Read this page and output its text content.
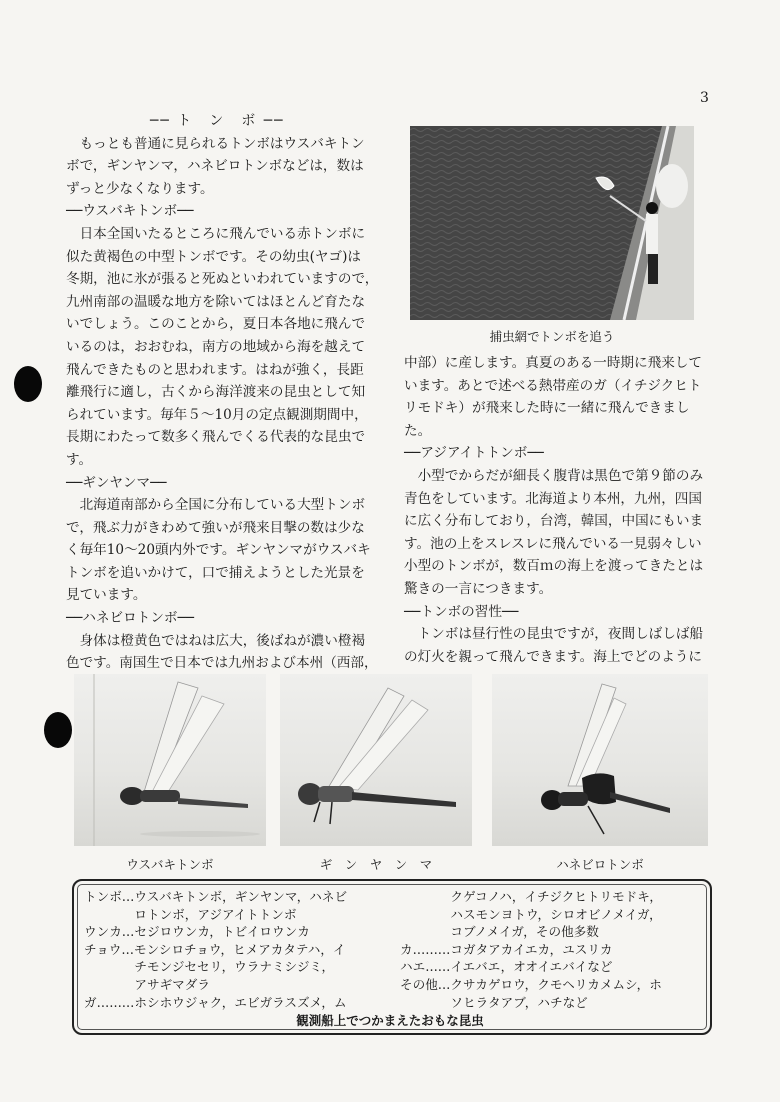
3

── ト　ン　ボ ──

もっとも普通に見られるトンボはウスバキトン

ボで，ギンヤンマ，ハネビロトンボなどは，数は

ずっと少なくなります。

──ウスバキトンボ──

日本全国いたるところに飛んでいる赤トンボに

似た黄褐色の中型トンボです。その幼虫(ヤゴ)は

冬期，池に氷が張ると死ぬといわれていますので，

九州南部の温暖な地方を除いてはほとんど育たな

いでしょう。このことから，夏日本各地に飛んで

いるのは，おおむね，南方の地域から海を越えて

飛んできたものと思われます。はねが強く，長距

離飛行に適し，古くから海洋渡来の昆虫として知

られています。毎年５～10月の定点観測期間中，

長期にわたって数多く飛んでくる代表的な昆虫で

す。

──ギンヤンマ──

北海道南部から全国に分布している大型トンボ

で，飛ぶ力がきわめて強いが飛来目撃の数は少な

く毎年10～20頭内外です。ギンヤンマがウスバキ

トンボを追いかけて，口で捕えようとした光景を

見ています。

──ハネビロトンボ──

身体は橙黄色ではねは広大，後ばねが濃い橙褐

色です。南国生で日本では九州および本州（西部，

捕虫網でトンボを追う

中部）に産します。真夏のある一時期に飛来して

います。あとで述べる熱帯産のガ（イチジクヒト

リモドキ）が飛来した時に一緒に飛んできまし

た。

──アジアイトトンボ──

小型でからだが細長く腹背は黒色で第９節のみ

青色をしています。北海道より本州，九州，四国

に広く分布しており，台湾，韓国，中国にもいま

す。池の上をスレスレに飛んでいる一見弱々しい

小型のトンボが，数百ｍの海上を渡ってきたとは

驚きの一言につきます。

──トンボの習性──

トンボは昼行性の昆虫ですが，夜間しばしば船

の灯火を親って飛んできます。海上でどのように

ウスバキトンボ	ギ　ン　ヤ　ン　マ	ハネビロトンボ

トンボ…ウスバキトンボ，ギンヤンマ，ハネビ

　　　　ロトンボ，アジアイトトンボ

ウンカ…セジロウンカ，トビイロウンカ

チョウ…モンシロチョウ，ヒメアカタテハ，イ

　　　　チモンジセセリ，ウラナミシジミ，

　　　　アサギマダラ

ガ………ホシホウジャク，エビガラスズメ，ム

　　　　クゲコノハ，イチジクヒトリモドキ，

　　　　ハスモンヨトウ，シロオビノメイガ，

　　　　コブノメイガ，その他多数

カ………コガタアカイエカ，ユスリカ

ハエ……イエバエ，オオイエバイなど

その他…クサカゲロウ，クモヘリカメムシ，ホ

　　　　ソヒラタアブ，ハチなど

観測船上でつかまえたおもな昆虫
